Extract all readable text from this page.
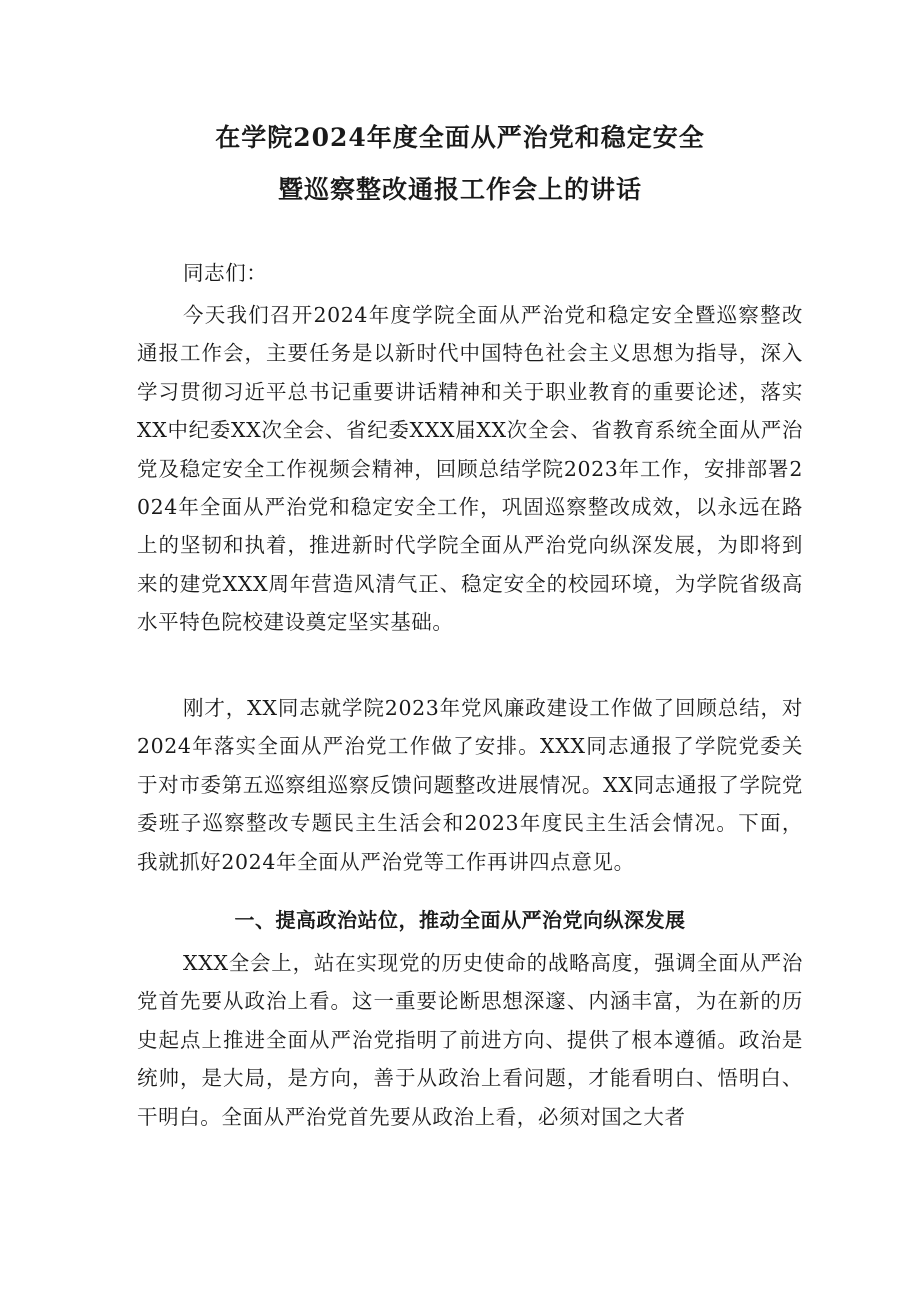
在学院2024年度全面从严治党和稳定安全
暨巡察整改通报工作会上的讲话
同志们：
今天我们召开2024年度学院全面从严治党和稳定安全暨巡察整改通报工作会，主要任务是以新时代中国特色社会主义思想为指导，深入学习贯彻习近平总书记重要讲话精神和关于职业教育的重要论述，落实XX中纪委XX次全会、省纪委XXX届XX次全会、省教育系统全面从严治党及稳定安全工作视频会精神，回顾总结学院2023年工作，安排部署2024年全面从严治党和稳定安全工作，巩固巡察整改成效，以永远在路上的坚韧和执着，推进新时代学院全面从严治党向纵深发展，为即将到来的建党XXX周年营造风清气正、稳定安全的校园环境，为学院省级高水平特色院校建设奠定坚实基础。
刚才，XX同志就学院2023年党风廉政建设工作做了回顾总结，对2024年落实全面从严治党工作做了安排。XXX同志通报了学院党委关于对市委第五巡察组巡察反馈问题整改进展情况。XX同志通报了学院党委班子巡察整改专题民主生活会和2023年度民主生活会情况。下面，我就抓好2024年全面从严治党等工作再讲四点意见。
一、提高政治站位，推动全面从严治党向纵深发展
XXX全会上，站在实现党的历史使命的战略高度，强调全面从严治党首先要从政治上看。这一重要论断思想深邃、内涵丰富，为在新的历史起点上推进全面从严治党指明了前进方向、提供了根本遵循。政治是统帅，是大局，是方向，善于从政治上看问题，才能看明白、悟明白、干明白。全面从严治党首先要从政治上看，必须对国之大者
